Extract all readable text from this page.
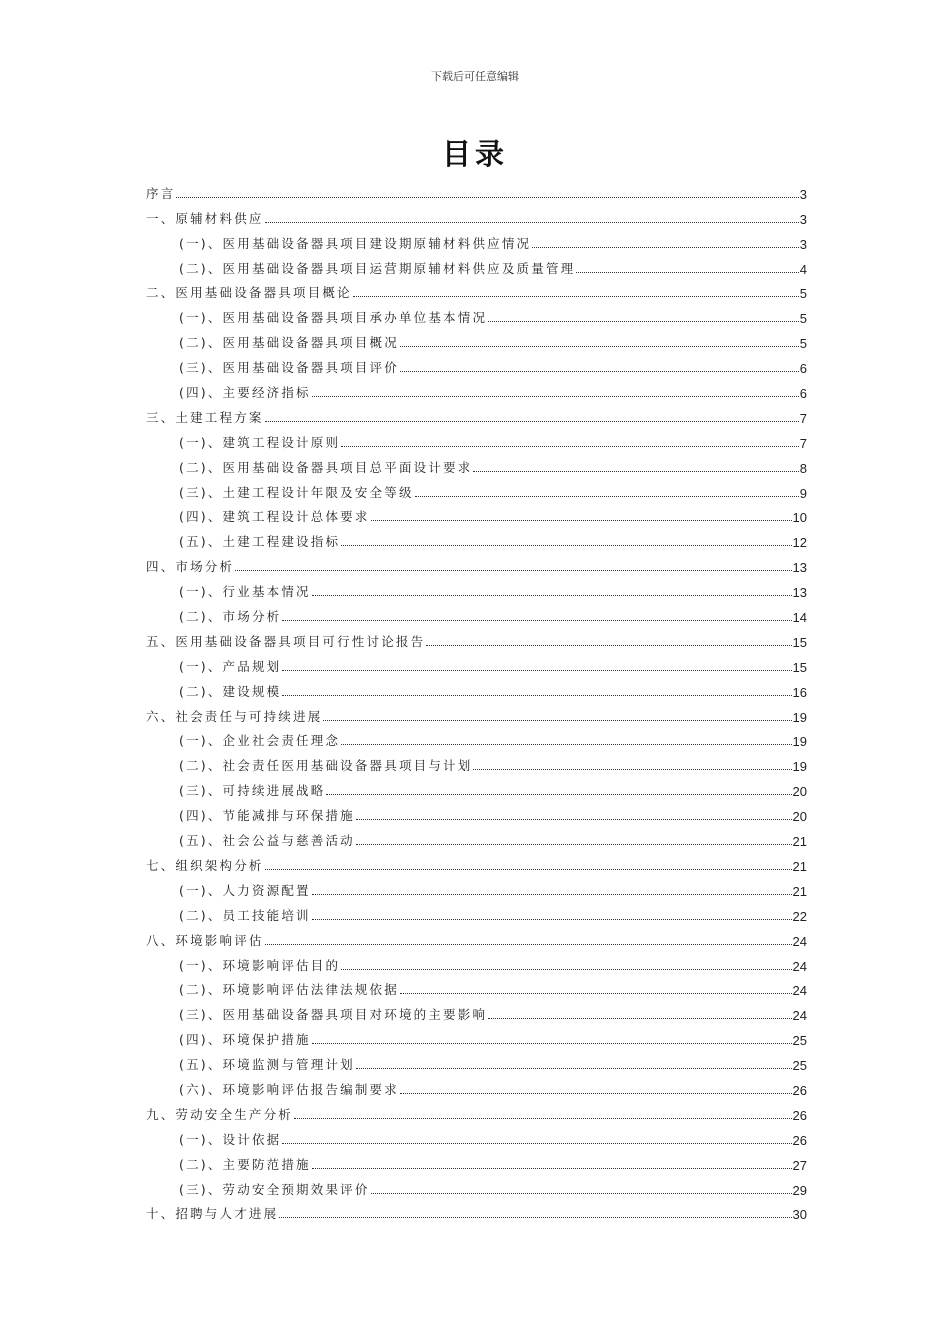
下载后可任意编辑
目录
序言	3
一、原辅材料供应	3
(一)、医用基础设备器具项目建设期原辅材料供应情况	3
(二)、医用基础设备器具项目运营期原辅材料供应及质量管理	4
二、医用基础设备器具项目概论	5
(一)、医用基础设备器具项目承办单位基本情况	5
(二)、医用基础设备器具项目概况	5
(三)、医用基础设备器具项目评价	6
(四)、主要经济指标	6
三、土建工程方案	7
(一)、建筑工程设计原则	7
(二)、医用基础设备器具项目总平面设计要求	8
(三)、土建工程设计年限及安全等级	9
(四)、建筑工程设计总体要求	10
(五)、土建工程建设指标	12
四、市场分析	13
(一)、行业基本情况	13
(二)、市场分析	14
五、医用基础设备器具项目可行性讨论报告	15
(一)、产品规划	15
(二)、建设规模	16
六、社会责任与可持续进展	19
(一)、企业社会责任理念	19
(二)、社会责任医用基础设备器具项目与计划	19
(三)、可持续进展战略	20
(四)、节能减排与环保措施	20
(五)、社会公益与慈善活动	21
七、组织架构分析	21
(一)、人力资源配置	21
(二)、员工技能培训	22
八、环境影响评估	24
(一)、环境影响评估目的	24
(二)、环境影响评估法律法规依据	24
(三)、医用基础设备器具项目对环境的主要影响	24
(四)、环境保护措施	25
(五)、环境监测与管理计划	25
(六)、环境影响评估报告编制要求	26
九、劳动安全生产分析	26
(一)、设计依据	26
(二)、主要防范措施	27
(三)、劳动安全预期效果评价	29
十、招聘与人才进展	30
